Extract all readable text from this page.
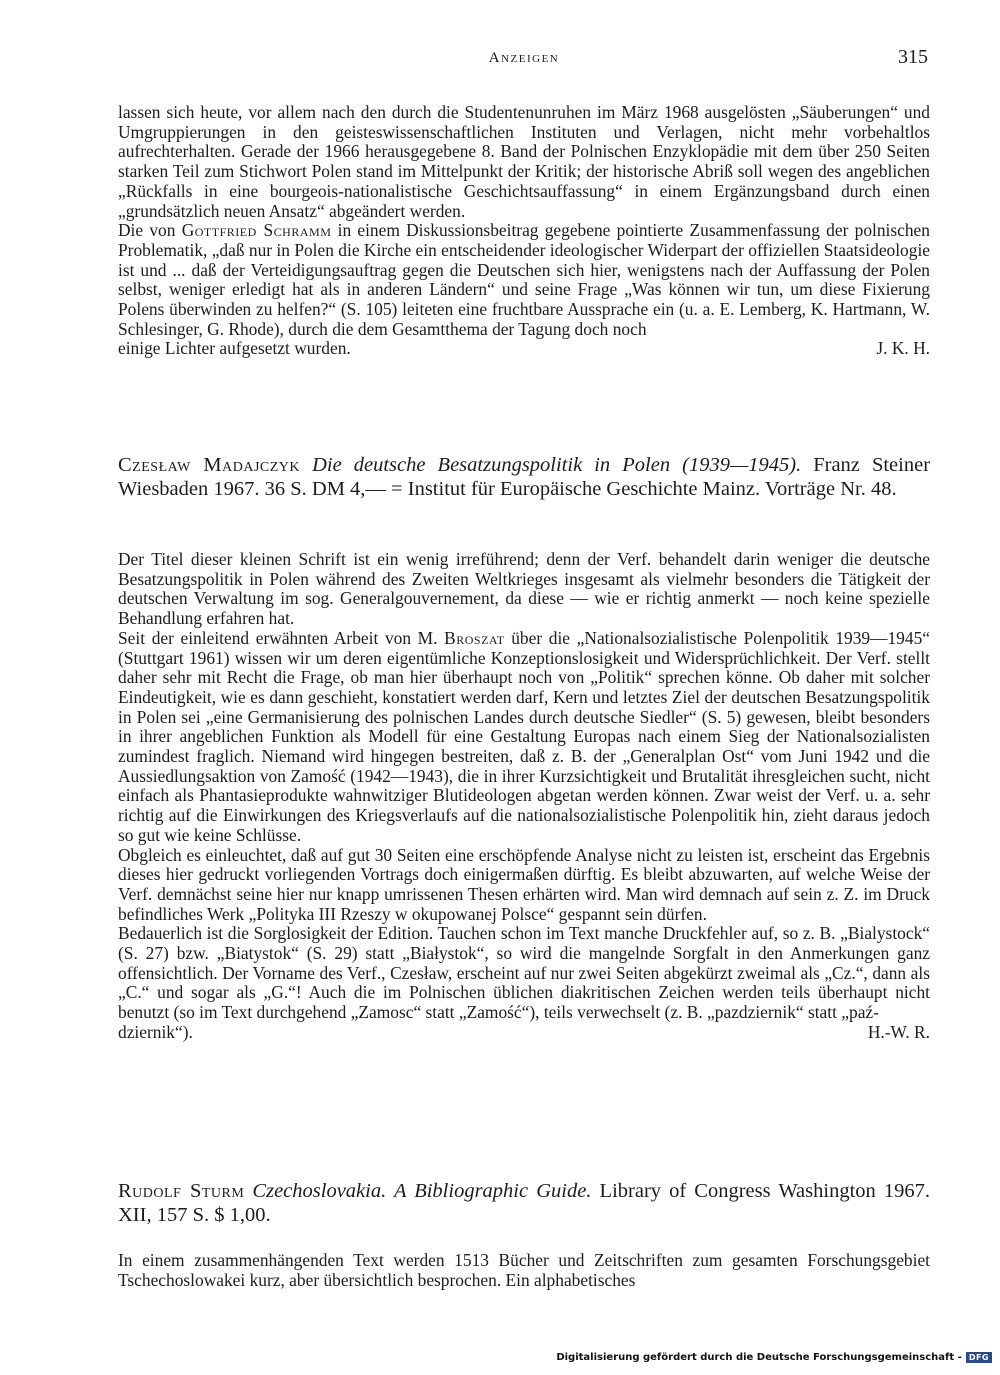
Anzeigen	315

lassen sich heute, vor allem nach den durch die Studentenunruhen im März 1968 ausgelösten „Säuberungen“ und Umgruppierungen in den geisteswissenschaftlichen Instituten und Verlagen, nicht mehr vorbehaltlos aufrechterhalten. Gerade der 1966 herausgegebene 8. Band der Polnischen Enzyklopädie mit dem über 250 Seiten starken Teil zum Stichwort Polen stand im Mittelpunkt der Kritik; der historische Abriß soll wegen des angeblichen „Rückfalls in eine bourgeois-nationalistische Geschichtsauffassung“ in einem Ergänzungsband durch einen „grundsätzlich neuen Ansatz“ abgeändert werden.

Die von Gottfried Schramm in einem Diskussionsbeitrag gegebene pointierte Zusammenfassung der polnischen Problematik, „daß nur in Polen die Kirche ein entscheidender ideologischer Widerpart der offiziellen Staatsideologie ist und ... daß der Verteidigungsauftrag gegen die Deutschen sich hier, wenigstens nach der Auffassung der Polen selbst, weniger erledigt hat als in anderen Ländern“ und seine Frage „Was können wir tun, um diese Fixierung Polens überwinden zu helfen?“ (S. 105) leiteten eine fruchtbare Aussprache ein (u. a. E. Lemberg, K. Hartmann, W. Schlesinger, G. Rhode), durch die dem Gesamtthema der Tagung doch noch

einige Lichter aufgesetzt wurden.	J. K. H.
Czesław Madajczyk Die deutsche Besatzungspolitik in Polen (1939—1945). Franz Steiner Wiesbaden 1967. 36 S. DM 4,— = Institut für Europäische Geschichte Mainz. Vorträge Nr. 48.

Der Titel dieser kleinen Schrift ist ein wenig irreführend; denn der Verf. behandelt darin weniger die deutsche Besatzungspolitik in Polen während des Zweiten Weltkrieges insgesamt als vielmehr besonders die Tätigkeit der deutschen Verwaltung im sog. Generalgouvernement, da diese — wie er richtig anmerkt — noch keine spezielle Behandlung erfahren hat.

Seit der einleitend erwähnten Arbeit von M. Broszat über die „Nationalsozialistische Polenpolitik 1939—1945“ (Stuttgart 1961) wissen wir um deren eigentümliche Konzeptionslosigkeit und Widersprüchlichkeit. Der Verf. stellt daher sehr mit Recht die Frage, ob man hier überhaupt noch von „Politik“ sprechen könne. Ob daher mit solcher Eindeutigkeit, wie es dann geschieht, konstatiert werden darf, Kern und letztes Ziel der deutschen Besatzungspolitik in Polen sei „eine Germanisierung des polnischen Landes durch deutsche Siedler“ (S. 5) gewesen, bleibt besonders in ihrer angeblichen Funktion als Modell für eine Gestaltung Europas nach einem Sieg der Nationalsozialisten zumindest fraglich. Niemand wird hingegen bestreiten, daß z. B. der „Generalplan Ost“ vom Juni 1942 und die Aussiedlungsaktion von Zamość (1942—1943), die in ihrer Kurzsichtigkeit und Brutalität ihresgleichen sucht, nicht einfach als Phantasieprodukte wahnwitziger Blutideologen abgetan werden können. Zwar weist der Verf. u. a. sehr richtig auf die Einwirkungen des Kriegsverlaufs auf die nationalsozialistische Polenpolitik hin, zieht daraus jedoch so gut wie keine Schlüsse.

Obgleich es einleuchtet, daß auf gut 30 Seiten eine erschöpfende Analyse nicht zu leisten ist, erscheint das Ergebnis dieses hier gedruckt vorliegenden Vortrags doch einigermaßen dürftig. Es bleibt abzuwarten, auf welche Weise der Verf. demnächst seine hier nur knapp umrissenen Thesen erhärten wird. Man wird demnach auf sein z. Z. im Druck befindliches Werk „Polityka III Rzeszy w okupowanej Polsce“ gespannt sein dürfen.

Bedauerlich ist die Sorglosigkeit der Edition. Tauchen schon im Text manche Druckfehler auf, so z. B. „Bialystock“ (S. 27) bzw. „Biatystok“ (S. 29) statt „Białystok“, so wird die mangelnde Sorgfalt in den Anmerkungen ganz offensichtlich. Der Vorname des Verf., Czesław, erscheint auf nur zwei Seiten abgekürzt zweimal als „Cz.“, dann als „C.“ und sogar als „G.“! Auch die im Polnischen üblichen diakritischen Zeichen werden teils überhaupt nicht benutzt (so im Text durchgehend „Zamosc“ statt „Zamość“), teils verwechselt (z. B. „pazdziernik“ statt „paź-

dziernik“).	H.-W. R.
Rudolf Sturm Czechoslovakia. A Bibliographic Guide. Library of Congress Washington 1967. XII, 157 S. $ 1,00.

In einem zusammenhängenden Text werden 1513 Bücher und Zeitschriften zum gesamten Forschungsgebiet Tschechoslowakei kurz, aber übersichtlich besprochen. Ein alphabetisches

Digitalisierung gefördert durch die Deutsche Forschungsgemeinschaft - DFG
